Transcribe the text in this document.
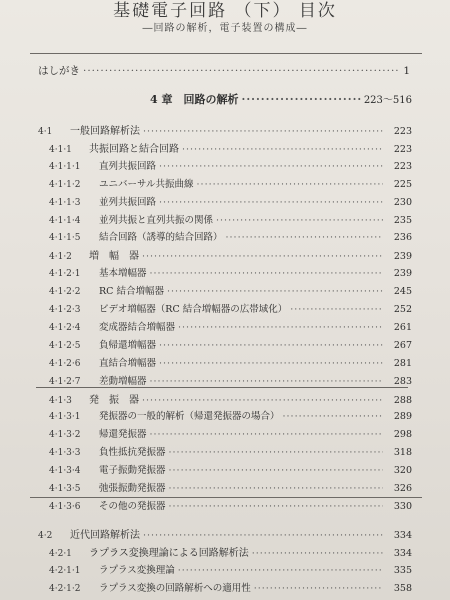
基礎電子回路 （下） 目次
―回路の解析，電子装置の構成―
はしがき ·····	1
4 章　回路の解析 ·····	223～516
4·1	一般回路解析法 ·····	223
4·1·1	共振回路と結合回路 ·····	223
4·1·1·1	直列共振回路 ·····	223
4·1·1·2	ユニバーサル共振曲線 ·····	225
4·1·1·3	並列共振回路 ·····	230
4·1·1·4	並列共振と直列共振の関係 ·····	235
4·1·1·5	結合回路（誘導的結合回路） ·····	236
4·1·2	増　幅　器 ·····	239
4·1·2·1	基本増幅器 ·····	239
4·1·2·2	RC 結合増幅器 ·····	245
4·1·2·3	ビデオ増幅器（RC 結合増幅器の広帯域化） ·····	252
4·1·2·4	変成器結合増幅器 ·····	261
4·1·2·5	負帰還増幅器 ·····	267
4·1·2·6	直結合増幅器 ·····	281
4·1·2·7	差動増幅器 ·····	283
4·1·3	発　振　器 ·····	288
4·1·3·1	発振器の一般的解析（帰還発振器の場合） ·····	289
4·1·3·2	帰還発振器 ·····	298
4·1·3·3	負性抵抗発振器 ·····	318
4·1·3·4	電子振動発振器 ·····	320
4·1·3·5	弛張振動発振器 ·····	326
4·1·3·6	その他の発振器 ·····	330
4·2	近代回路解析法 ·····	334
4·2·1	ラプラス変換理論による回路解析法 ·····	334
4·2·1·1	ラプラス変換理論 ·····	335
4·2·1·2	ラプラス変換の回路解析への適用性 ·····	358
